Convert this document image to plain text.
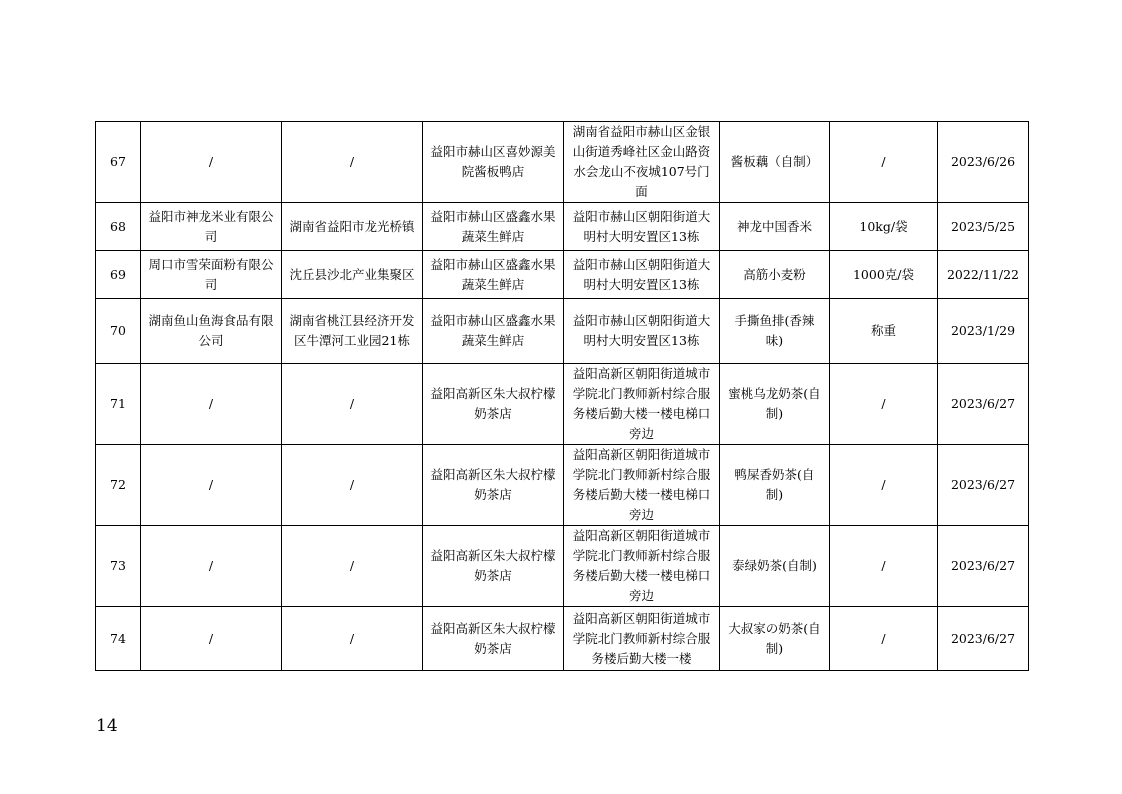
67	/	/	益阳市赫山区喜妙源美院酱板鸭店	湖南省益阳市赫山区金银山街道秀峰社区金山路资水会龙山不夜城107号门面	酱板藕（自制）	/	2023/6/26
68	益阳市神龙米业有限公司	湖南省益阳市龙光桥镇	益阳市赫山区盛鑫水果蔬菜生鲜店	益阳市赫山区朝阳街道大明村大明安置区13栋	神龙中国香米	10kg/袋	2023/5/25
69	周口市雪荣面粉有限公司	沈丘县沙北产业集聚区	益阳市赫山区盛鑫水果蔬菜生鲜店	益阳市赫山区朝阳街道大明村大明安置区13栋	高筋小麦粉	1000克/袋	2022/11/22
70	湖南鱼山鱼海食品有限公司	湖南省桃江县经济开发区牛潭河工业园21栋	益阳市赫山区盛鑫水果蔬菜生鲜店	益阳市赫山区朝阳街道大明村大明安置区13栋	手撕鱼排(香辣味)	称重	2023/1/29
71	/	/	益阳高新区朱大叔柠檬奶茶店	益阳高新区朝阳街道城市学院北门教师新村综合服务楼后勤大楼一楼电梯口旁边	蜜桃乌龙奶茶(自制)	/	2023/6/27
72	/	/	益阳高新区朱大叔柠檬奶茶店	益阳高新区朝阳街道城市学院北门教师新村综合服务楼后勤大楼一楼电梯口旁边	鸭屎香奶茶(自制)	/	2023/6/27
73	/	/	益阳高新区朱大叔柠檬奶茶店	益阳高新区朝阳街道城市学院北门教师新村综合服务楼后勤大楼一楼电梯口旁边	泰绿奶茶(自制)	/	2023/6/27
74	/	/	益阳高新区朱大叔柠檬奶茶店	益阳高新区朝阳街道城市学院北门教师新村综合服务楼后勤大楼一楼	大叔家の奶茶(自制)	/	2023/6/27
14
